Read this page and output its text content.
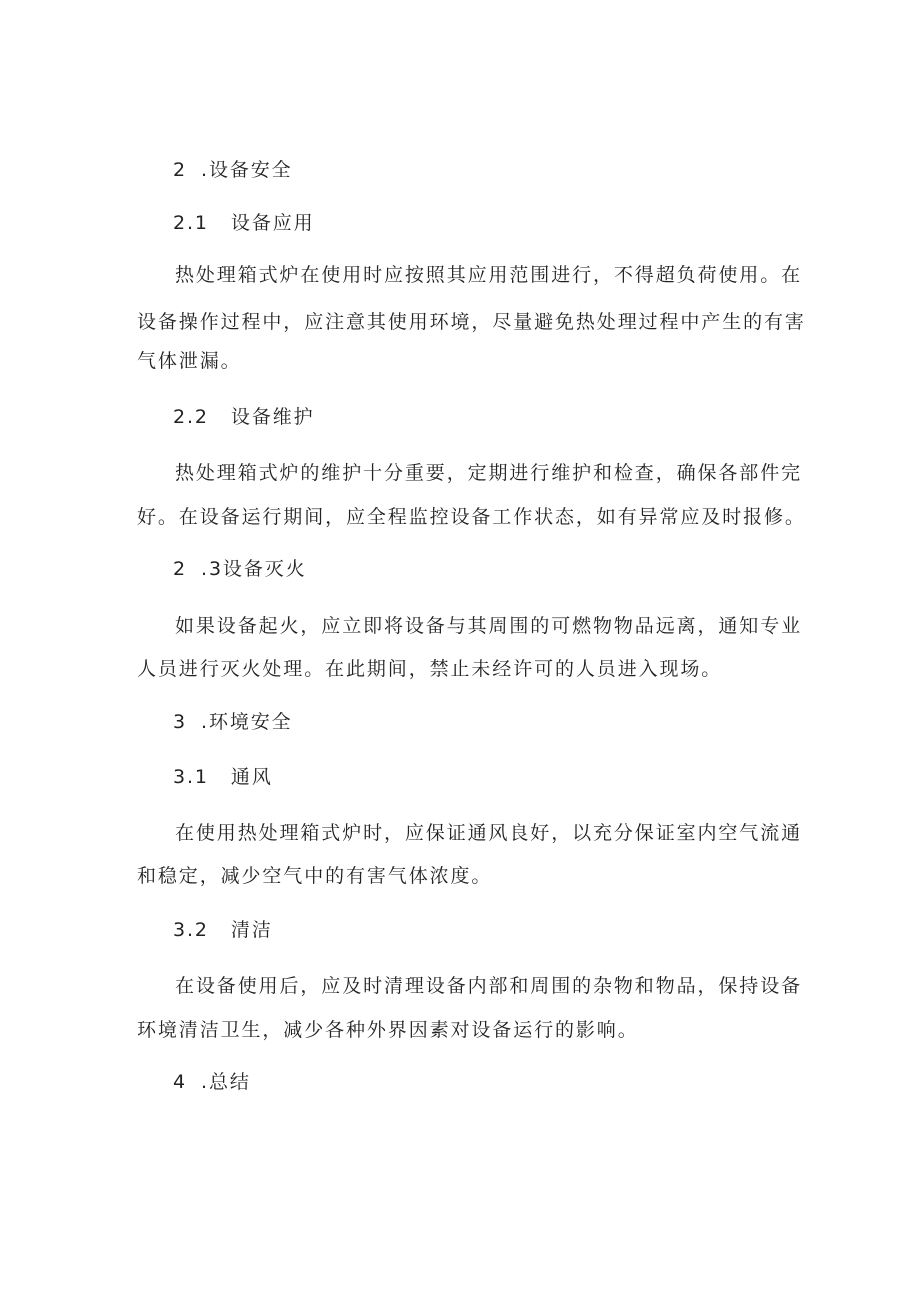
2 .设备安全
2.1 设备应用
热处理箱式炉在使用时应按照其应用范围进行，不得超负荷使用。在
设备操作过程中，应注意其使用环境，尽量避免热处理过程中产生的有害
气体泄漏。
2.2 设备维护
热处理箱式炉的维护十分重要，定期进行维护和检查，确保各部件完
好。在设备运行期间，应全程监控设备工作状态，如有异常应及时报修。
2 .3设备灭火
如果设备起火，应立即将设备与其周围的可燃物物品远离，通知专业
人员进行灭火处理。在此期间，禁止未经许可的人员进入现场。
3 .环境安全
3.1 通风
在使用热处理箱式炉时，应保证通风良好，以充分保证室内空气流通
和稳定，减少空气中的有害气体浓度。
3.2 清洁
在设备使用后，应及时清理设备内部和周围的杂物和物品，保持设备
环境清洁卫生，减少各种外界因素对设备运行的影响。
4 .总结
